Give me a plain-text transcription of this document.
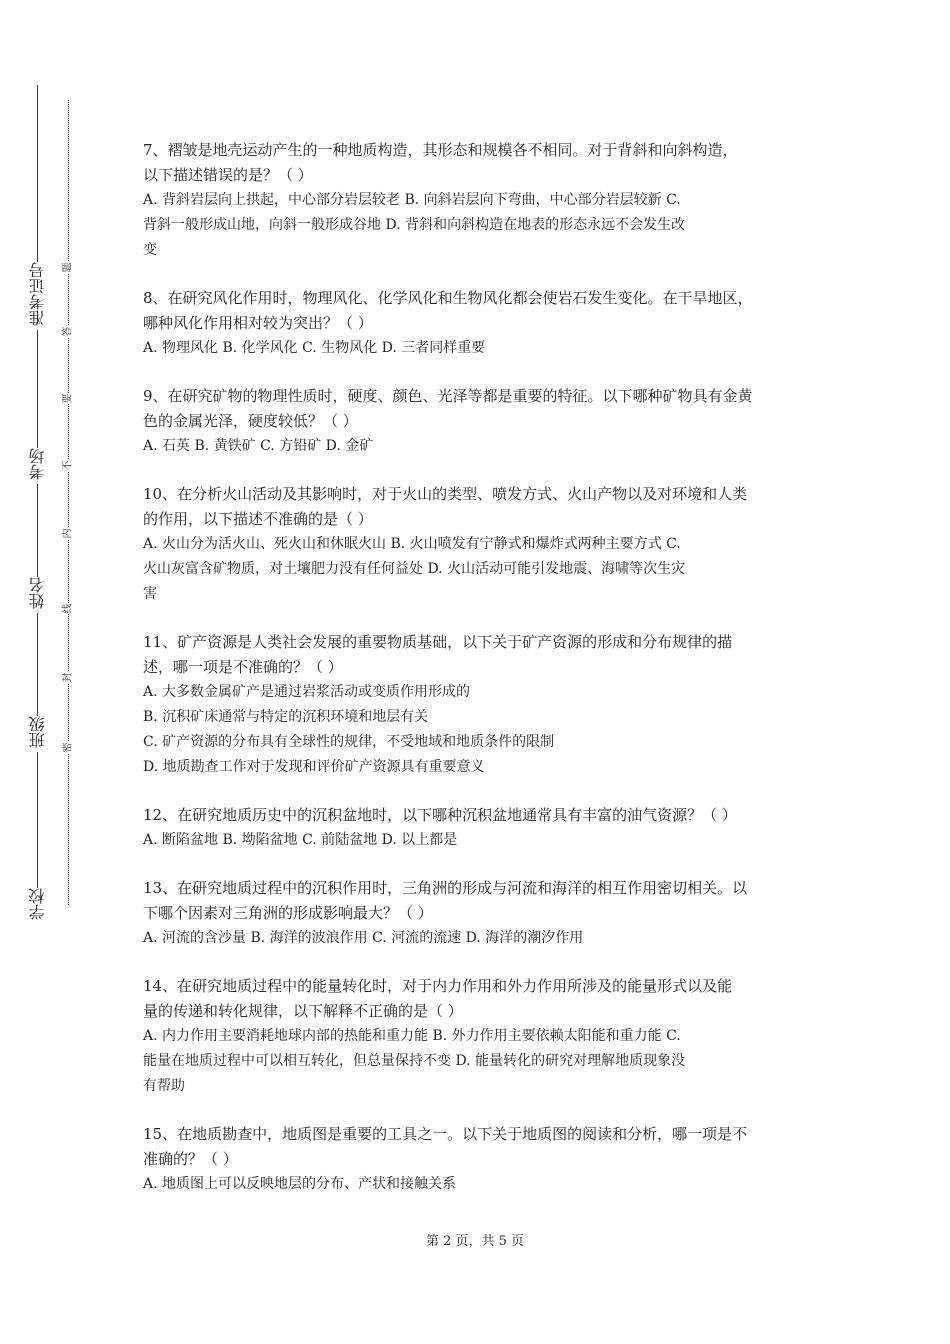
准考证号
考场
姓名
班级
学校
题
答
要
不
内
线
封
密

7、褶皱是地壳运动产生的一种地质构造，其形态和规模各不相同。对于背斜和向斜构造，

以下描述错误的是？（ ）

A. 背斜岩层向上拱起，中心部分岩层较老 B. 向斜岩层向下弯曲，中心部分岩层较新 C.

背斜一般形成山地，向斜一般形成谷地 D. 背斜和向斜构造在地表的形态永远不会发生改

变

8、在研究风化作用时，物理风化、化学风化和生物风化都会使岩石发生变化。在干旱地区，

哪种风化作用相对较为突出？（ ）

A. 物理风化 B. 化学风化 C. 生物风化 D. 三者同样重要

9、在研究矿物的物理性质时，硬度、颜色、光泽等都是重要的特征。以下哪种矿物具有金黄

色的金属光泽，硬度较低？（ ）

A. 石英 B. 黄铁矿 C. 方铅矿 D. 金矿

10、在分析火山活动及其影响时，对于火山的类型、喷发方式、火山产物以及对环境和人类

的作用，以下描述不准确的是（ ）

A. 火山分为活火山、死火山和休眠火山 B. 火山喷发有宁静式和爆炸式两种主要方式 C.

火山灰富含矿物质，对土壤肥力没有任何益处 D. 火山活动可能引发地震、海啸等次生灾

害

11、矿产资源是人类社会发展的重要物质基础，以下关于矿产资源的形成和分布规律的描

述，哪一项是不准确的？（ ）

A. 大多数金属矿产是通过岩浆活动或变质作用形成的

B. 沉积矿床通常与特定的沉积环境和地层有关

C. 矿产资源的分布具有全球性的规律，不受地域和地质条件的限制

D. 地质勘查工作对于发现和评价矿产资源具有重要意义

12、在研究地质历史中的沉积盆地时，以下哪种沉积盆地通常具有丰富的油气资源？（ ）

A. 断陷盆地 B. 坳陷盆地 C. 前陆盆地 D. 以上都是

13、在研究地质过程中的沉积作用时，三角洲的形成与河流和海洋的相互作用密切相关。以

下哪个因素对三角洲的形成影响最大？（ ）

A. 河流的含沙量 B. 海洋的波浪作用 C. 河流的流速 D. 海洋的潮汐作用

14、在研究地质过程中的能量转化时，对于内力作用和外力作用所涉及的能量形式以及能

量的传递和转化规律，以下解释不正确的是（ ）

A. 内力作用主要消耗地球内部的热能和重力能 B. 外力作用主要依赖太阳能和重力能 C.

能量在地质过程中可以相互转化，但总量保持不变 D. 能量转化的研究对理解地质现象没

有帮助

15、在地质勘查中，地质图是重要的工具之一。以下关于地质图的阅读和分析，哪一项是不

准确的？（ ）

A. 地质图上可以反映地层的分布、产状和接触关系

第 2 页，共 5 页
